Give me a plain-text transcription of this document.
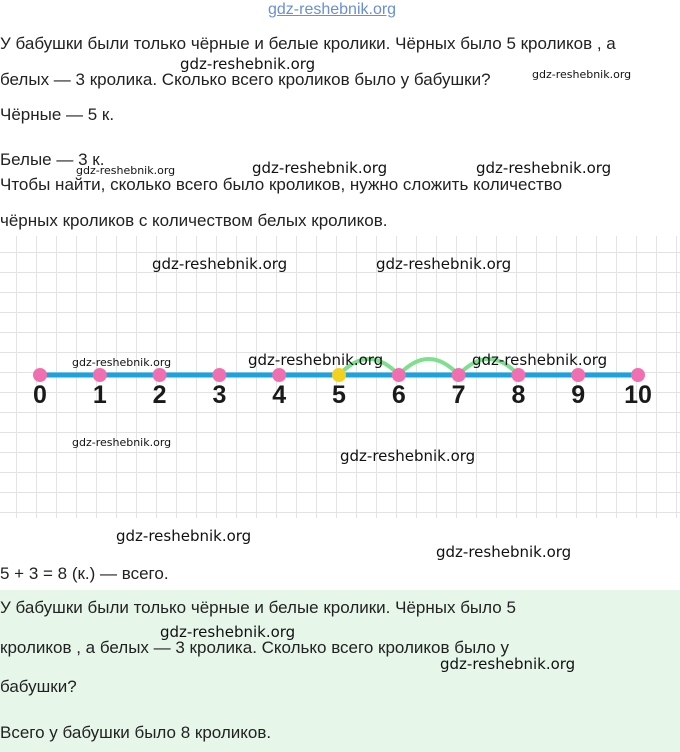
gdz-reshebnik.org

У бабушки были только чёрные и белые кролики. Чёрных было 5 кроликов , а

белых — 3 кролика. Сколько всего кроликов было у бабушки?

Чёрные — 5 к.

Белые — 3 к.

Чтобы найти, сколько всего было кроликов, нужно сложить количество

чёрных кроликов с количеством белых кроликов.

0 1 2 3 4 5 6 7 8 9 10

5 + 3 = 8 (к.) — всего.

У бабушки были только чёрные и белые кролики. Чёрных было 5

кроликов , а белых — 3 кролика. Сколько всего кроликов было у

бабушки?

Всего у бабушки было 8 кроликов.

gdz-reshebnik.org
gdz-reshebnik.org
gdz-reshebnik.org	gdz-reshebnik.org
gdz-reshebnik.org
gdz-reshebnik.org	gdz-reshebnik.org
gdz-reshebnik.org	gdz-reshebnik.org	gdz-reshebnik.org
gdz-reshebnik.org
gdz-reshebnik.org
gdz-reshebnik.org
gdz-reshebnik.org
gdz-reshebnik.org
gdz-reshebnik.org
